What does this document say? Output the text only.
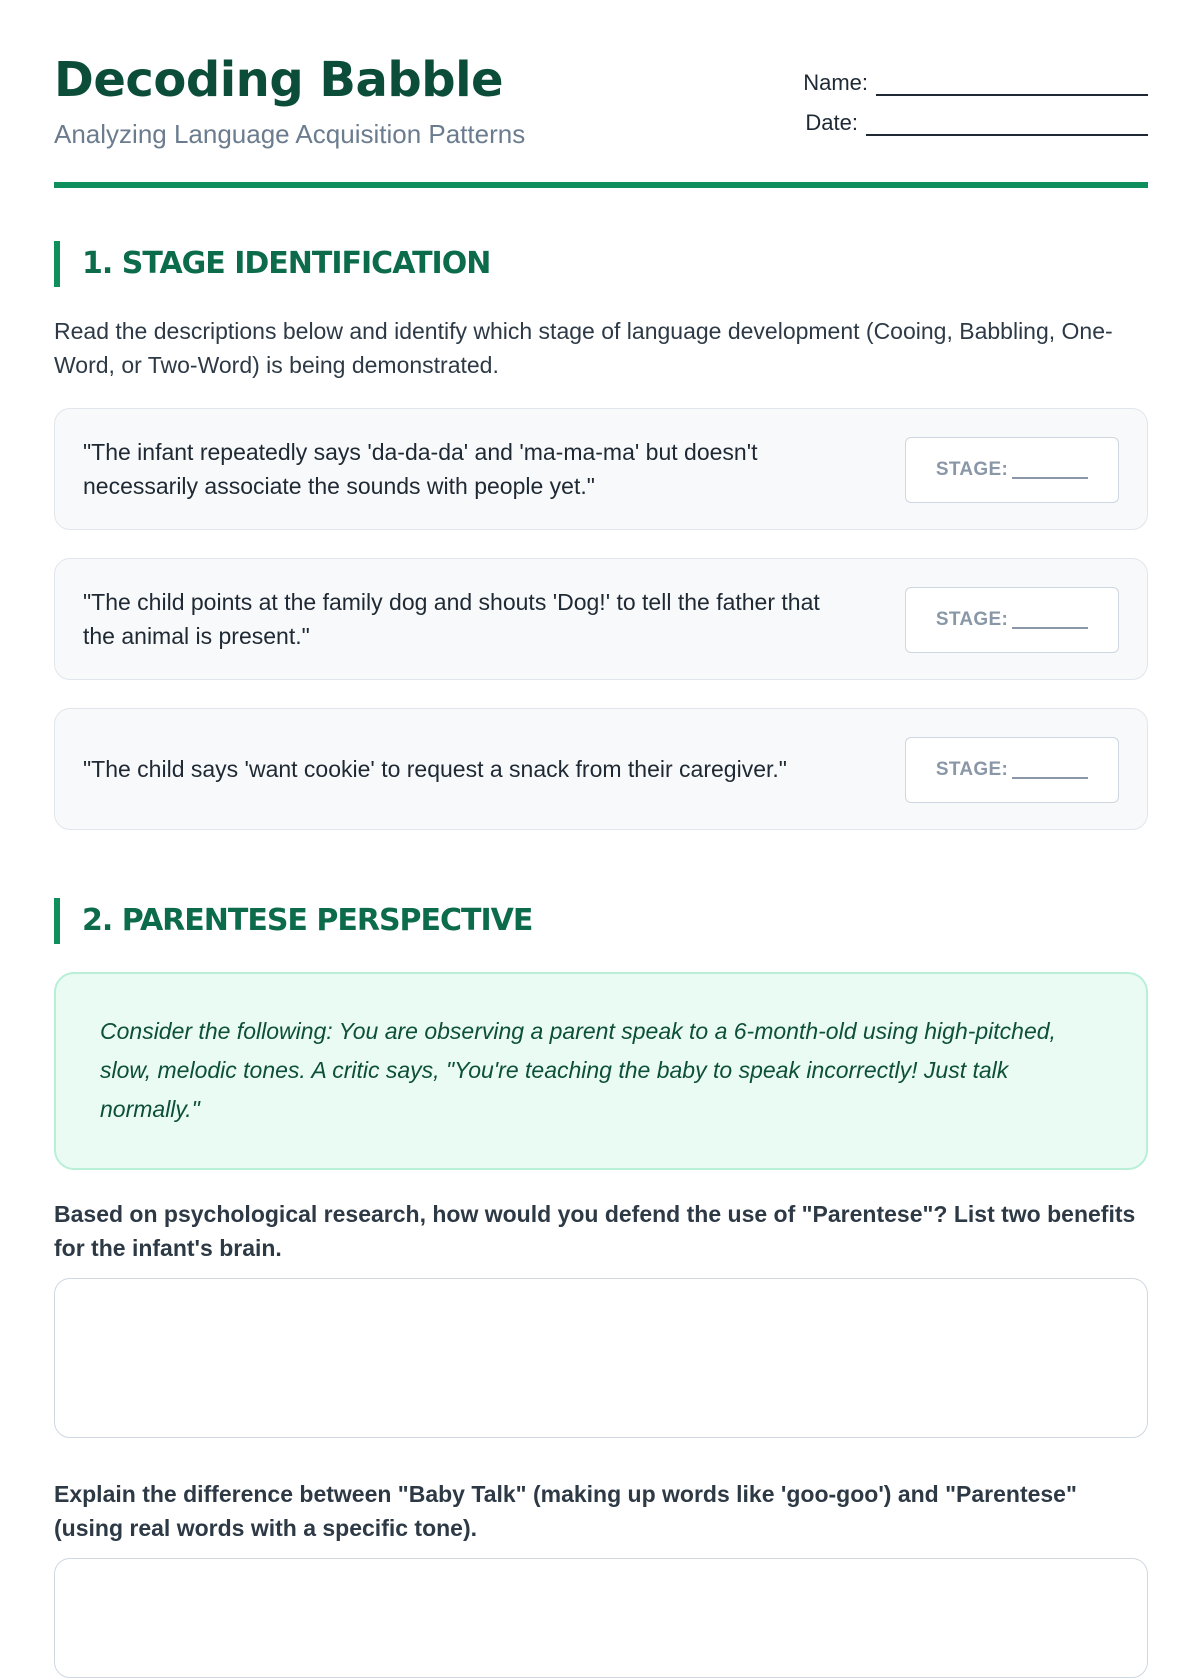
Decoding Babble
Analyzing Language Acquisition Patterns
Name:
Date:
1. STAGE IDENTIFICATION

Read the descriptions below and identify which stage of language development (Cooing, Babbling, One-Word, or Two-Word) is being demonstrated.

"The infant repeatedly says 'da-da-da' and 'ma-ma-ma' but doesn't necessarily associate the sounds with people yet."
STAGE:
"The child points at the family dog and shouts 'Dog!' to tell the father that the animal is present."
STAGE:
"The child says 'want cookie' to request a snack from their caregiver."	STAGE:
2. PARENTESE PERSPECTIVE
Consider the following: You are observing a parent speak to a 6-month-old using high-pitched, slow, melodic tones. A critic says, "You're teaching the baby to speak incorrectly! Just talk normally."

Based on psychological research, how would you defend the use of "Parentese"? List two benefits for the infant's brain.

Explain the difference between "Baby Talk" (making up words like 'goo-goo') and "Parentese" (using real words with a specific tone).
